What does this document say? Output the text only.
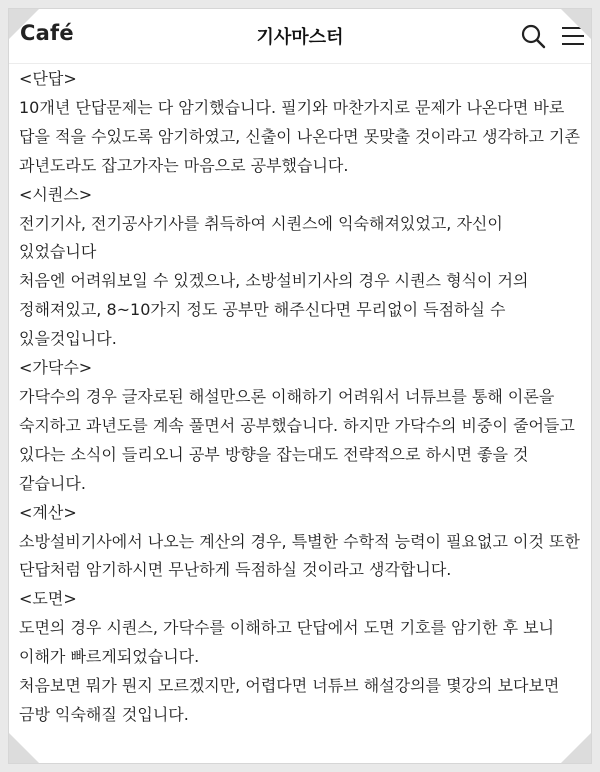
Café	기사마스터

<단답>

10개년 단답문제는 다 암기했습니다. 필기와 마찬가지로 문제가 나온다면 바로 답을 적을 수있도록 암기하였고, 신출이 나온다면 못맞출 것이라고 생각하고 기존 과년도라도 잡고가자는 마음으로 공부했습니다.

<시퀀스>

전기기사, 전기공사기사를 취득하여 시퀀스에 익숙해져있었고, 자신이 있었습니다

처음엔 어려워보일 수 있겠으나, 소방설비기사의 경우 시퀀스 형식이 거의 정해져있고, 8~10가지 정도 공부만 해주신다면 무리없이 득점하실 수 있을것입니다.

<가닥수>

가닥수의 경우 글자로된 해설만으론 이해하기 어려워서 너튜브를 통해 이론을 숙지하고 과년도를 계속 풀면서 공부했습니다. 하지만 가닥수의 비중이 줄어들고 있다는 소식이 들리오니 공부 방향을 잡는대도 전략적으로 하시면 좋을 것 같습니다.

<계산>

소방설비기사에서 나오는 계산의 경우, 특별한 수학적 능력이 필요없고 이것 또한 단답처럼 암기하시면 무난하게 득점하실 것이라고 생각합니다.

<도면>

도면의 경우 시퀀스, 가닥수를 이해하고 단답에서 도면 기호를 암기한 후 보니 이해가 빠르게되었습니다.

처음보면 뭐가 뭔지 모르겠지만, 어렵다면 너튜브 해설강의를 몇강의 보다보면 금방 익숙해질 것입니다.
